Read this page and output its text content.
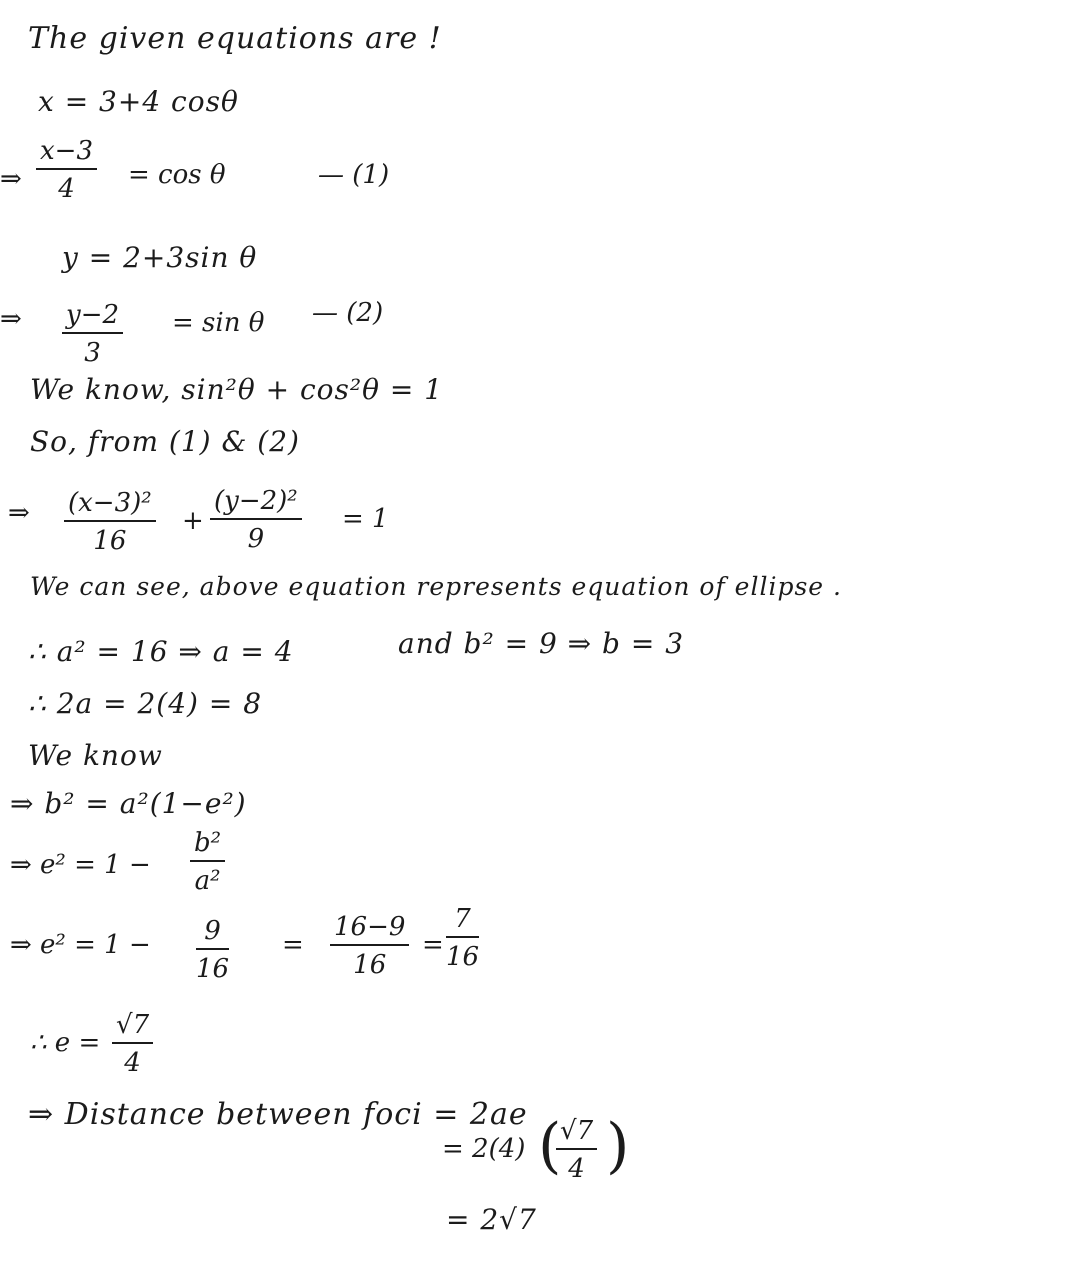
The given equations are !
x = 3+4 cosθ
⇒ $\frac{x-3}{4} = \cos \theta$	— (1)
y = 2+3sin θ
⇒ $\frac{y-2}{3} = \sin \theta$ — (2)
We know, sin²θ + cos²θ = 1
So, from (1) & (2)
⇒ $\frac{\text{(x−3)²}}{16} + \frac{\text{(y−2)²}}{9} = 1$
We can see, above equation represents equation of ellipse .
∴ a² = 16 ⇒ a = 4	and b² = 9 ⇒ b = 3
∴ 2a = 2(4) = 8
We know
⇒ b² = a²(1−e²)
⇒ $e^2 = 1 - \frac{\text{b²}}{\text{a²}}$
⇒ $e^2 = 1 - \frac{9}{16} = \frac{16-9}{16} = \frac{7}{16}$
∴ $e = \frac{√7}{4}$
⇒ Distance between foci = 2ae
= 2(4) (
$\frac{√7}{4}$ )
= 2√7
